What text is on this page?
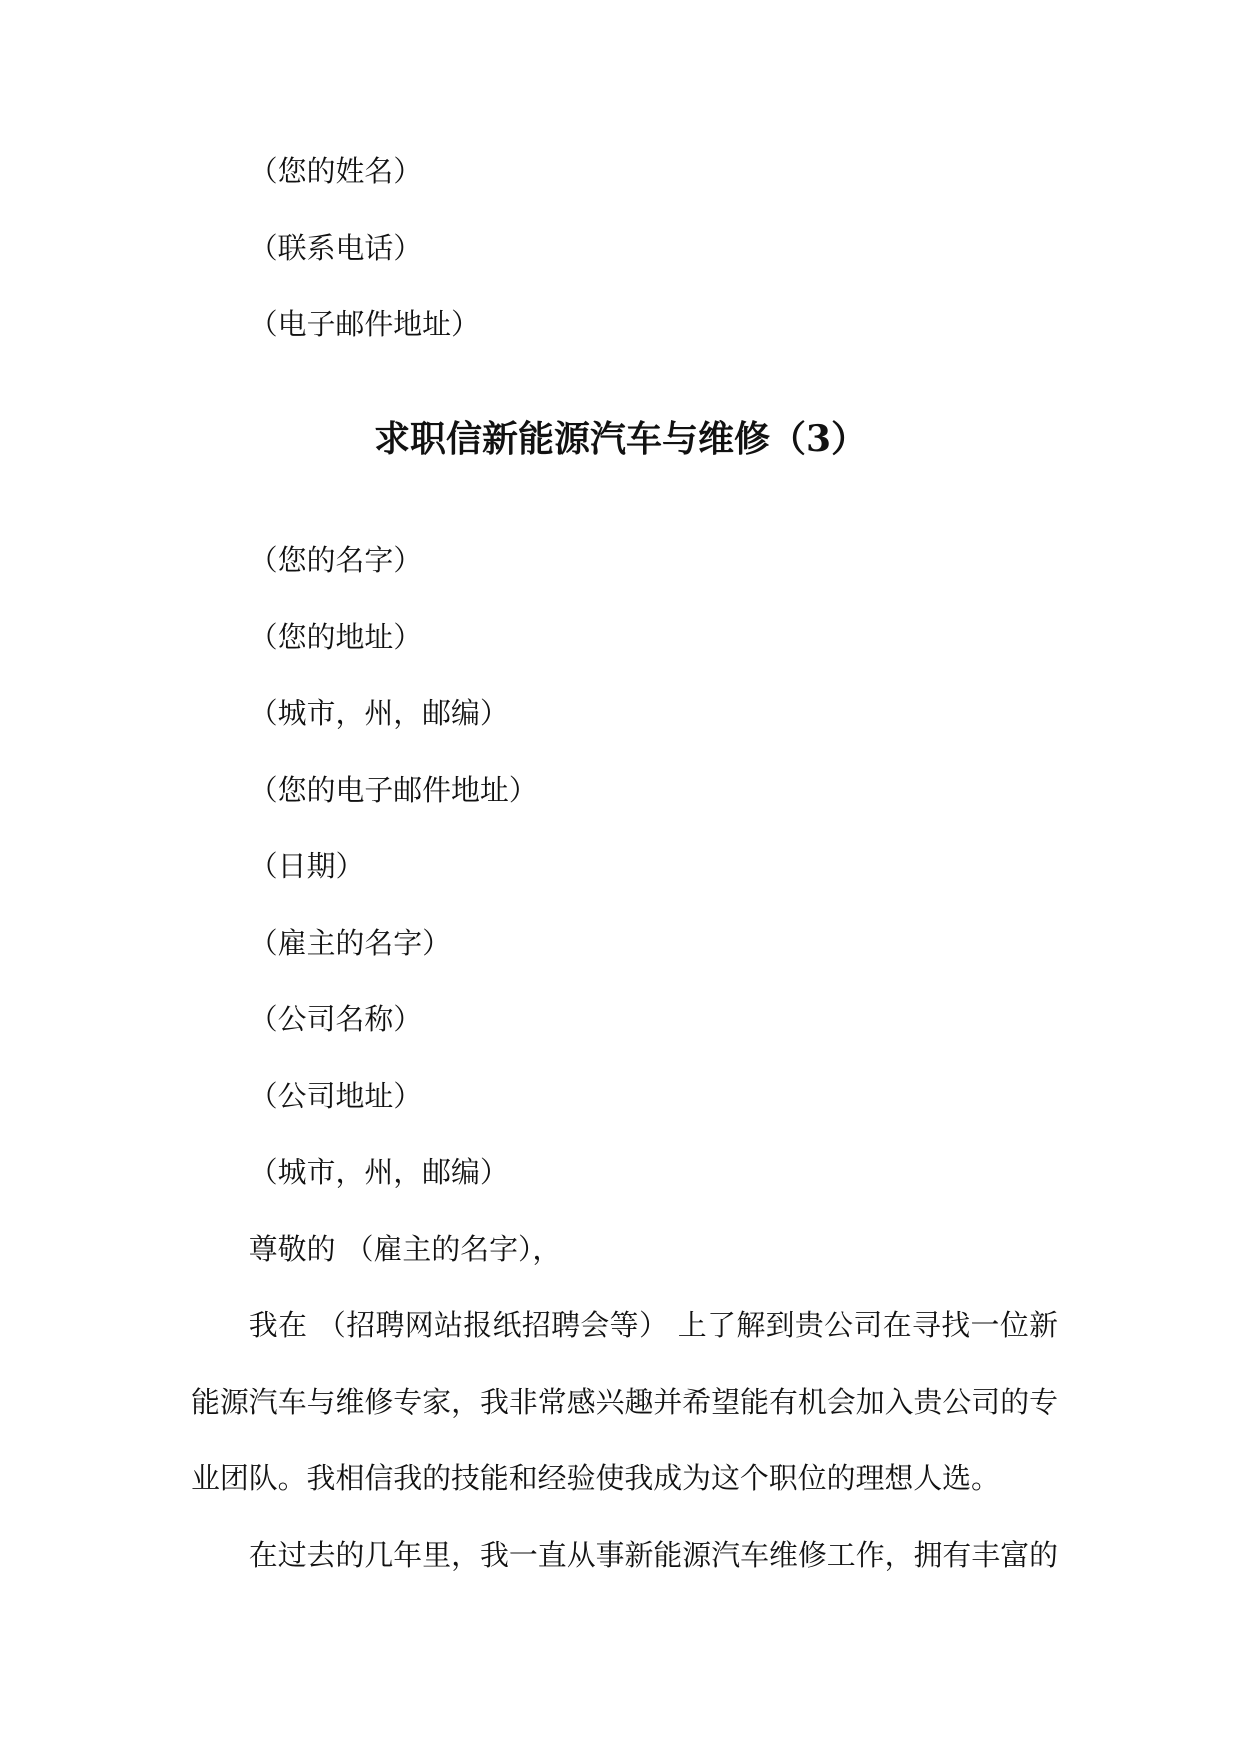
（您的姓名）
（联系电话）
（电子邮件地址）
求职信新能源汽车与维修（3）
（您的名字）
（您的地址）
（城市，州，邮编）
（您的电子邮件地址）
（日期）
（雇主的名字）
（公司名称）
（公司地址）
（城市，州，邮编）
尊敬的 （雇主的名字），
我在 （招聘网站报纸招聘会等） 上了解到贵公司在寻找一位新
能源汽车与维修专家，我非常感兴趣并希望能有机会加入贵公司的专
业团队。我相信我的技能和经验使我成为这个职位的理想人选。
在过去的几年里，我一直从事新能源汽车维修工作，拥有丰富的
